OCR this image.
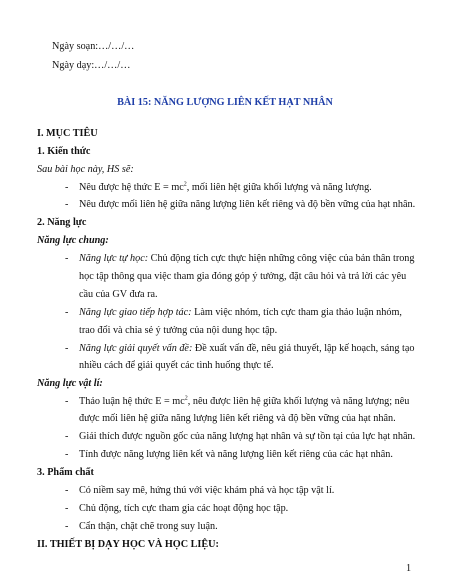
Ngày soạn:…/…/…
Ngày dạy:…/…/…
BÀI 15: NĂNG LƯỢNG LIÊN KẾT HẠT NHÂN
I. MỤC TIÊU
1. Kiến thức
Sau bài học này, HS sẽ:
- Nêu được hệ thức $E = mc^2$, mối liên hệt giữa khối lượng và năng lượng.
- Nêu được mối liên hệ giữa năng lượng liên kết riêng và độ bền vững của hạt nhân.
2. Năng lực
Năng lực chung:
- Năng lực tự học: Chủ động tích cực thực hiện những công việc của bản thân trong
học tập thông qua việc tham gia đóng góp ý tưởng, đặt câu hỏi và trả lời các yêu
cầu của GV đưa ra.
- Năng lực giao tiếp hợp tác: Làm việc nhóm, tích cực tham gia thảo luận nhóm,
trao đổi và chia sẻ ý tưởng của nội dung học tập.
- Năng lực giải quyết vấn đề: Đề xuất vấn đề, nêu giả thuyết, lập kế hoạch, sáng tạo
nhiều cách để giải quyết các tình huống thực tế.
Năng lực vật lí:
- Thảo luận hệ thức $E = mc^2$, nêu được liên hệ giữa khối lượng và năng lượng; nêu
được mối liên hệ giữa năng lượng liên kết riêng và độ bền vững của hạt nhân.
- Giải thích được nguồn gốc của năng lượng hạt nhân và sự tồn tại của lực hạt nhân.
- Tính được năng lượng liên kết và năng lượng liên kết riêng của các hạt nhân.
3. Phẩm chất
- Có niềm say mê, hứng thú với việc khám phá và học tập vật lí.
- Chủ động, tích cực tham gia các hoạt động học tập.
- Cẩn thận, chặt chẽ trong suy luận.
II. THIẾT BỊ DẠY HỌC VÀ HỌC LIỆU:
1
